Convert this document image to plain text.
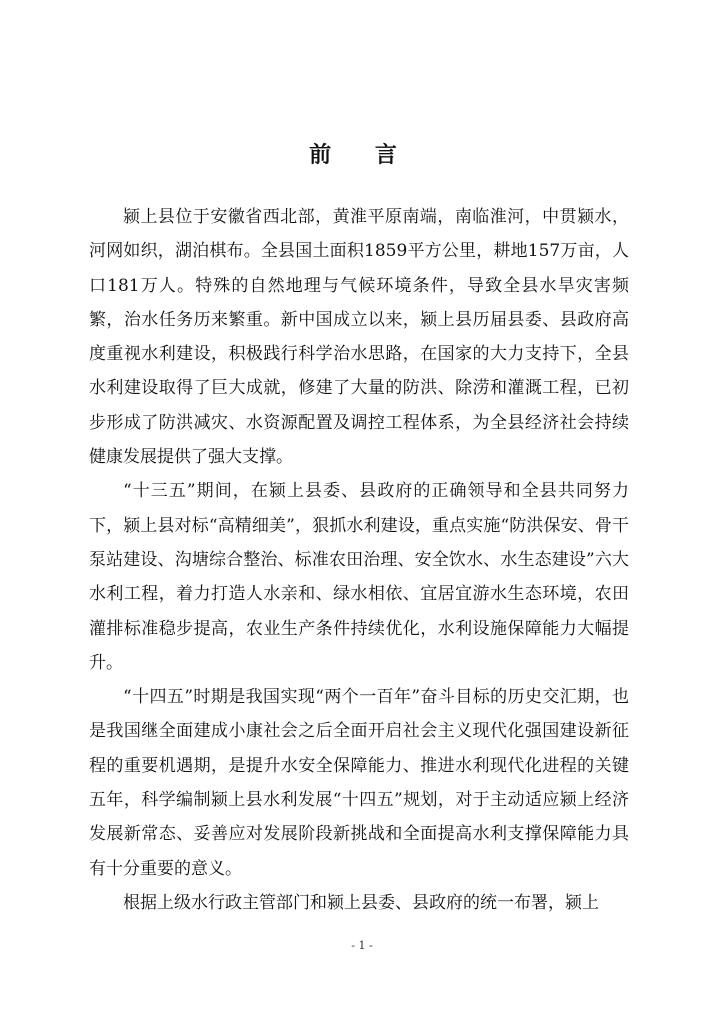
前 言

颍上县位于安徽省西北部，黄淮平原南端，南临淮河，中贯颍水，河网如织，湖泊棋布。全县国土面积1859平方公里，耕地157万亩，人口181万人。特殊的自然地理与气候环境条件，导致全县水旱灾害频繁，治水任务历来繁重。新中国成立以来，颍上县历届县委、县政府高度重视水利建设，积极践行科学治水思路，在国家的大力支持下，全县水利建设取得了巨大成就，修建了大量的防洪、除涝和灌溉工程，已初步形成了防洪减灾、水资源配置及调控工程体系，为全县经济社会持续健康发展提供了强大支撑。

“十三五”期间，在颍上县委、县政府的正确领导和全县共同努力下，颍上县对标“高精细美”，狠抓水利建设，重点实施“防洪保安、骨干泵站建设、沟塘综合整治、标准农田治理、安全饮水、水生态建设”六大水利工程，着力打造人水亲和、绿水相依、宜居宜游水生态环境，农田灌排标准稳步提高，农业生产条件持续优化，水利设施保障能力大幅提升。

“十四五”时期是我国实现“两个一百年”奋斗目标的历史交汇期，也是我国继全面建成小康社会之后全面开启社会主义现代化强国建设新征程的重要机遇期，是提升水安全保障能力、推进水利现代化进程的关键五年，科学编制颍上县水利发展“十四五”规划，对于主动适应颍上经济发展新常态、妥善应对发展阶段新挑战和全面提高水利支撑保障能力具有十分重要的意义。

根据上级水行政主管部门和颍上县委、县政府的统一布署，颍上

- 1 -
